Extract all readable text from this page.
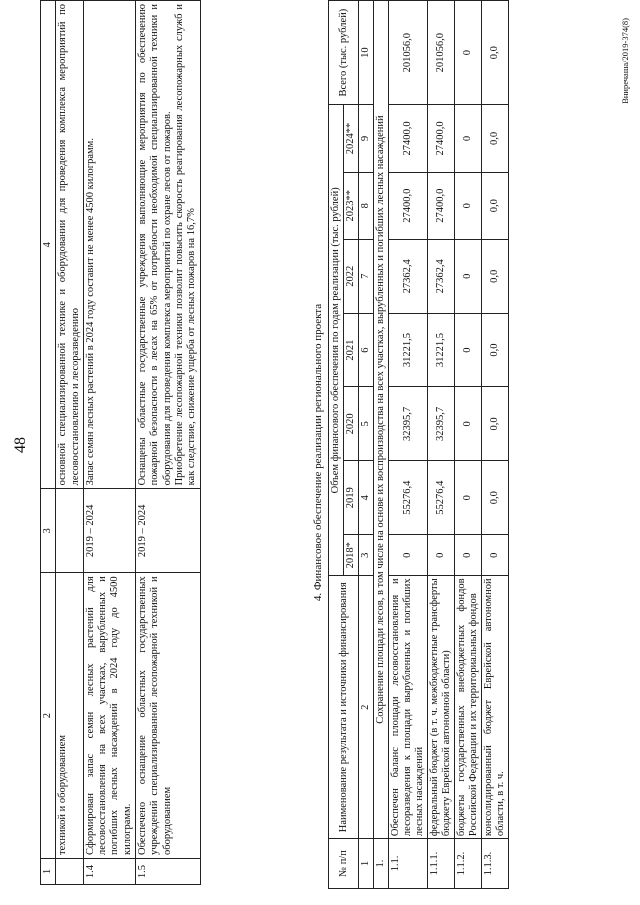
48
1	2	3	4
	техникой и оборудованием		основной специализированной технике и оборудовании для проведения комплекса мероприятий по лесовосстановлению и лесоразведению
1.4	Сформирован запас семян лесных растений для лесовосстановления на всех участках, вырубленных и погибших лесных насаждений в 2024 году до 4500 килограмм.	2019 – 2024	Запас семян лесных растений в 2024 году составит не менее 4500 килограмм.
1.5	Обеспечено оснащение областных государственных учреждений специализированной лесопожарной техникой и оборудованием	2019 – 2024	Оснащены областные государственные учреждения выполняющие мероприятия по обеспечению пожарной безопасности в лесах на 65% от потребности необходимой специализированной техники и оборудования для проведения комплекса мероприятий по охране лесов от пожаров. Приобретение лесопожарной техники позволит повысить скорость реагирования лесопожарных служб и как следствие, снижение ущерба от лесных пожаров на 16,7%	4. Финансовое обеспечение реализации регионального проекта
№ п/п	Наименование результата и источники финансирования	Объем финансового обеспечения по годам реализации (тыс. рублей)							Всего (тыс. рублей)
		2018*	2019	2020	2021	2022	2023**	2024**	
1	2	3	4	5	6	7	8	9	10
1.	Сохранение площади лесов, в том числе на основе их воспроизводства на всех участках, вырубленных и погибших лесных насаждений								
1.1.	Обеспечен баланс площади лесовосстановления и лесоразведения к площади вырубленных и погибших лесных насаждений	0	55276,4	32395,7	31221,5	27362,4	27400,0	27400,0	201056,0
1.1.1.	федеральный бюджет (в т. ч. межбюджетные трансферты бюджету Еврейской автономной области)	0	55276,4	32395,7	31221,5	27362,4	27400,0	27400,0	201056,0
1.1.2.	бюджеты государственных внебюджетных фондов Российской Федерации и их территориальных фондов	0	0	0	0	0	0	0	0
1.1.3.	консолидированный бюджет Еврейской автономной области, в т. ч.	0	0,0	0,0	0,0	0,0	0,0	0,0	0,0	Вниречаша/2019-374(8)
